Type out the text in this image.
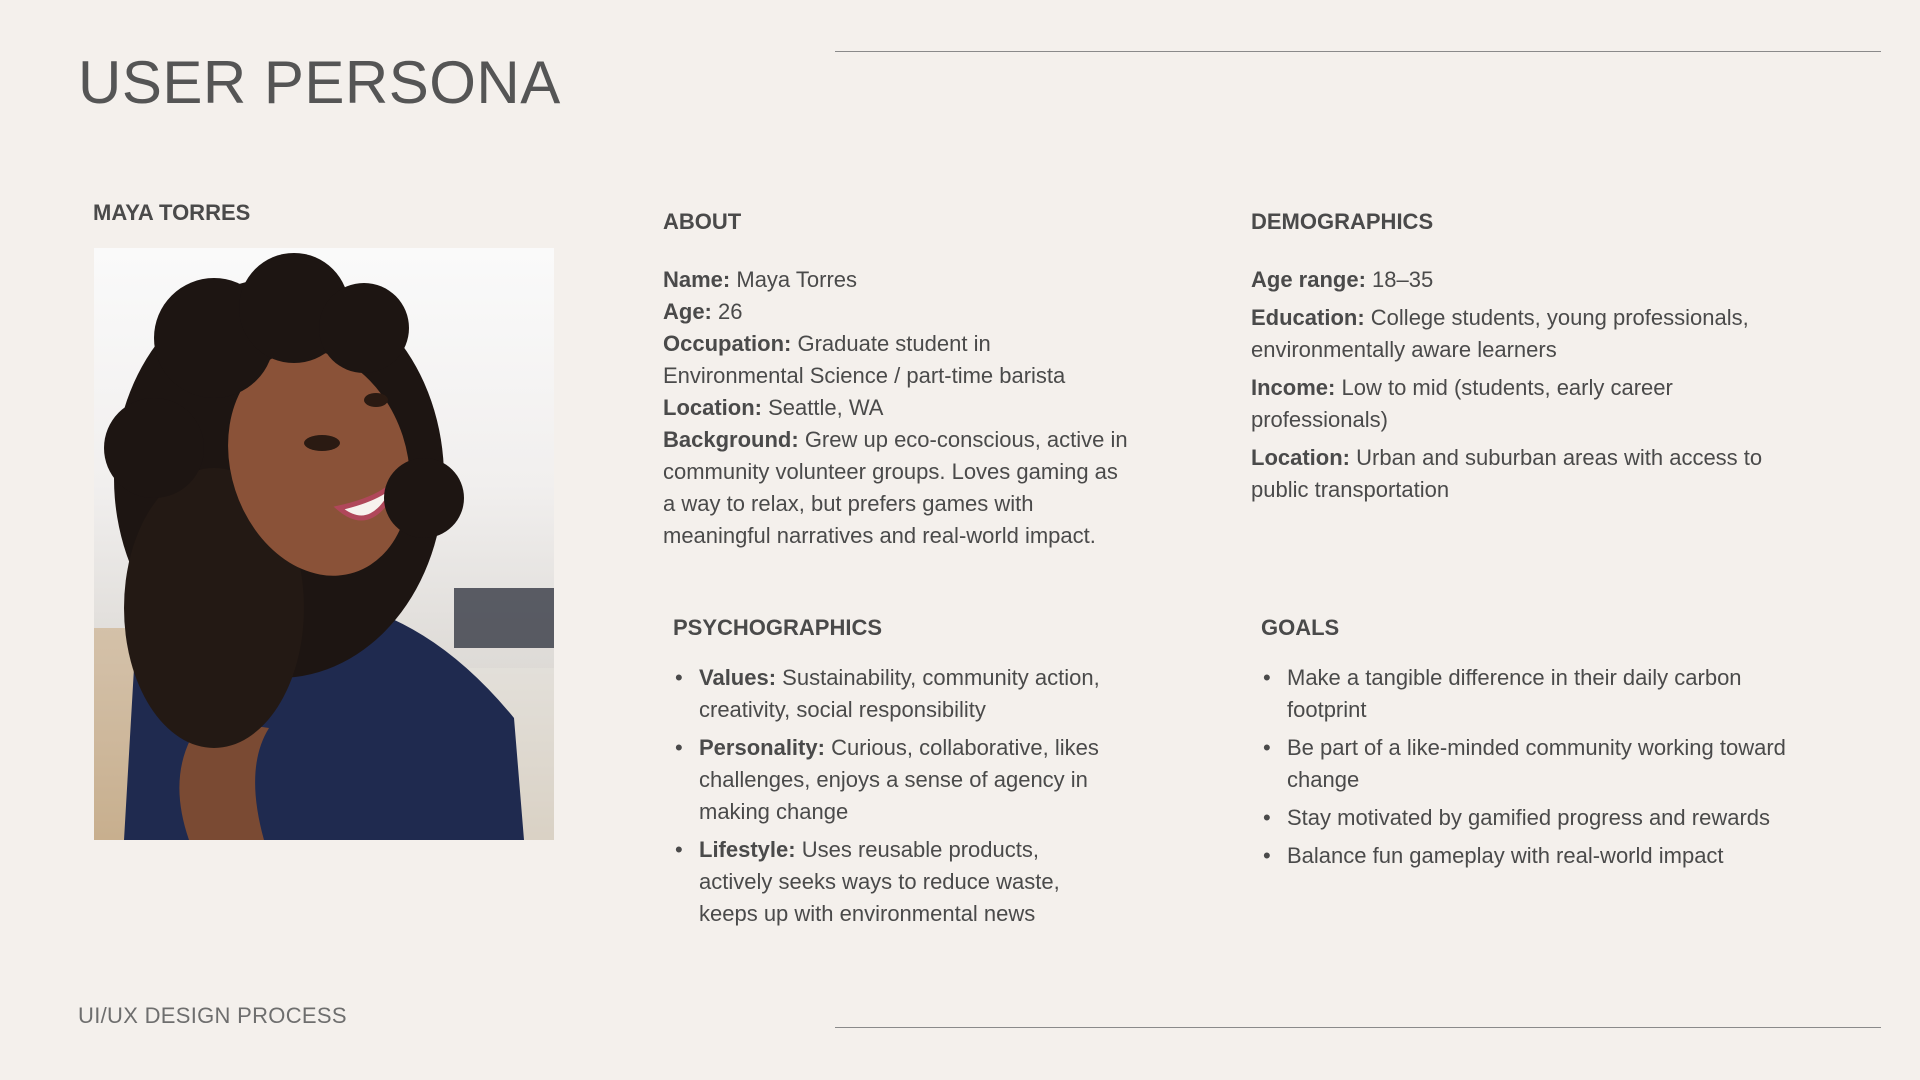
USER PERSONA
MAYA TORRES	ABOUT

Name: Maya Torres

Age: 26

Occupation: Graduate student in Environmental Science / part-time barista

Location: Seattle, WA

Background: Grew up eco-conscious, active in community volunteer groups. Loves gaming as a way to relax, but prefers games with meaningful narratives and real-world impact.

DEMOGRAPHICS

Age range: 18–35

Education: College students, young professionals, environmentally aware learners

Income: Low to mid (students, early career professionals)

Location: Urban and suburban areas with access to public transportation

PSYCHOGRAPHICS
• Values: Sustainability, community action, creativity, social responsibility
• Personality: Curious, collaborative, likes challenges, enjoys a sense of agency in making change
• Lifestyle: Uses reusable products, actively seeks ways to reduce waste, keeps up with environmental news
GOALS
• Make a tangible difference in their daily carbon footprint
• Be part of a like-minded community working toward change
• Stay motivated by gamified progress and rewards
• Balance fun gameplay with real-world impact
UI/UX DESIGN PROCESS
